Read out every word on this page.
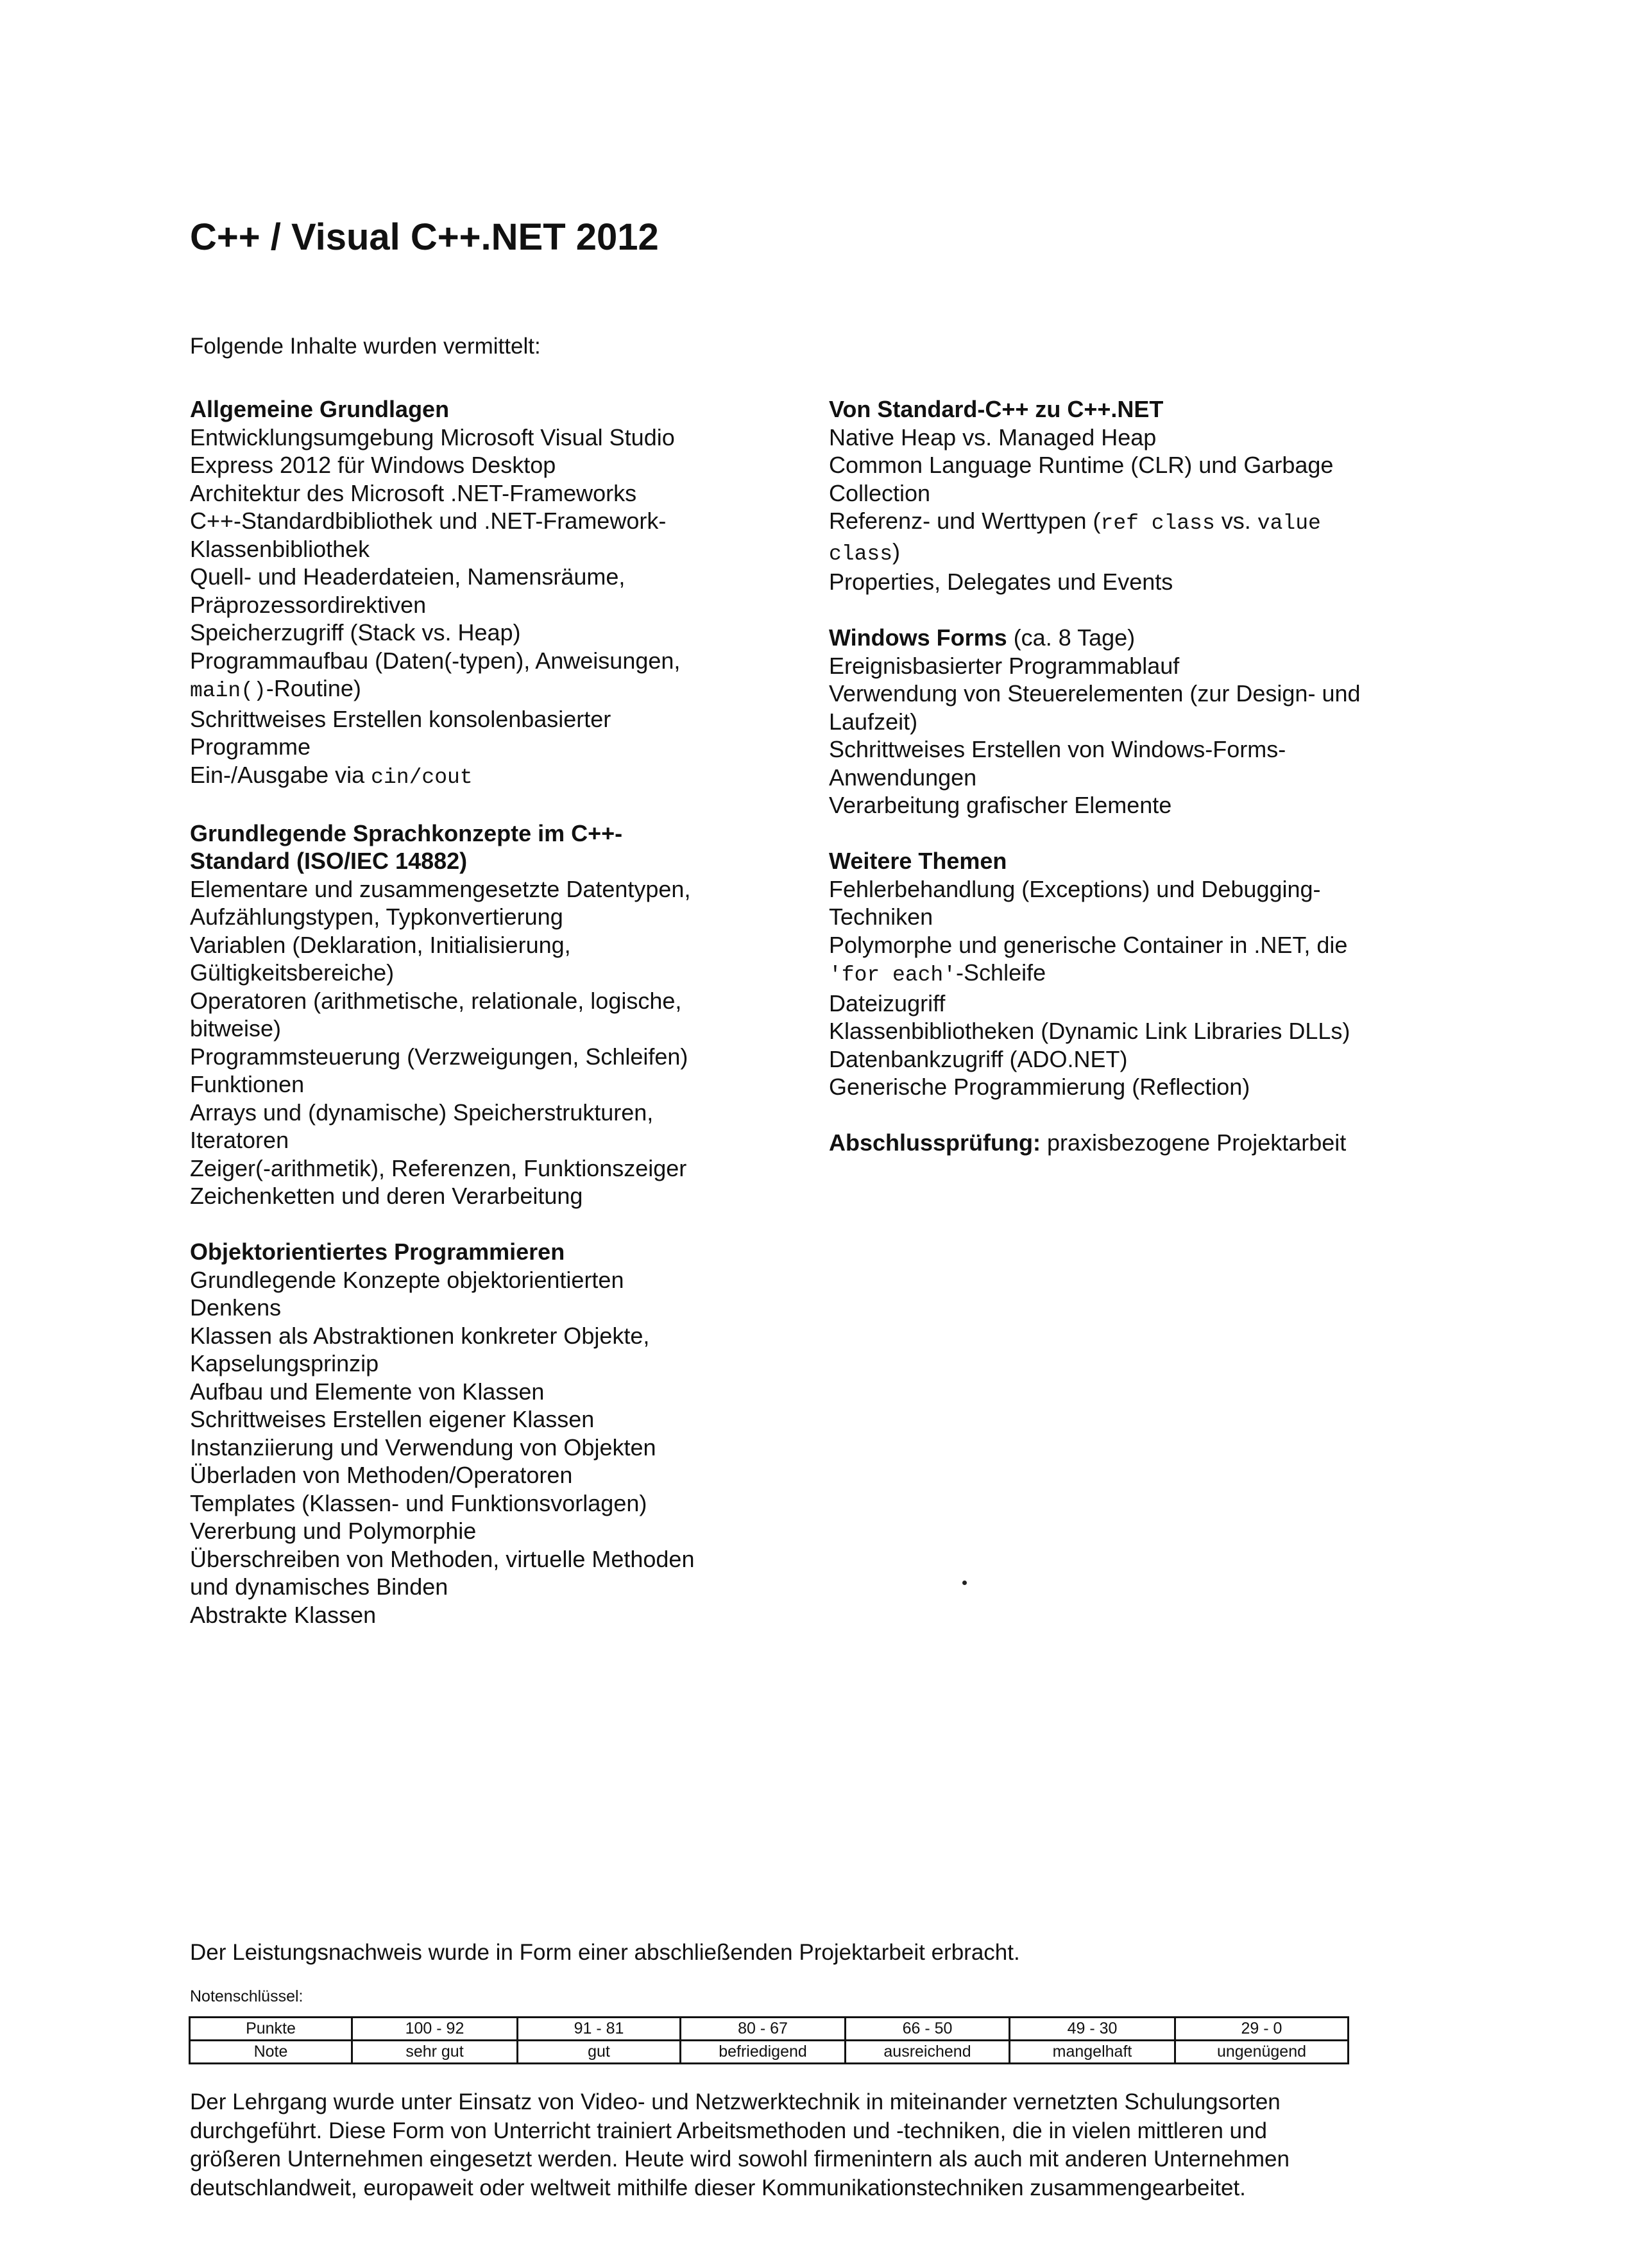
C++ / Visual C++.NET 2012
Folgende Inhalte wurden vermittelt:
Allgemeine Grundlagen
Entwicklungsumgebung Microsoft Visual Studio
Express 2012 für Windows Desktop
Architektur des Microsoft .NET-Frameworks
C++-Standardbibliothek und .NET-Framework-
Klassenbibliothek
Quell- und Headerdateien, Namensräume,
Präprozessordirektiven
Speicherzugriff (Stack vs. Heap)
Programmaufbau (Daten(-typen), Anweisungen,
main()-Routine)
Schrittweises Erstellen konsolenbasierter
Programme
Ein-/Ausgabe via cin/cout
Grundlegende Sprachkonzepte im C++-
Standard (ISO/IEC 14882)
Elementare und zusammengesetzte Datentypen,
Aufzählungstypen, Typkonvertierung
Variablen (Deklaration, Initialisierung,
Gültigkeitsbereiche)
Operatoren (arithmetische, relationale, logische,
bitweise)
Programmsteuerung (Verzweigungen, Schleifen)
Funktionen
Arrays und (dynamische) Speicherstrukturen,
Iteratoren
Zeiger(-arithmetik), Referenzen, Funktionszeiger
Zeichenketten und deren Verarbeitung
Objektorientiertes Programmieren
Grundlegende Konzepte objektorientierten
Denkens
Klassen als Abstraktionen konkreter Objekte,
Kapselungsprinzip
Aufbau und Elemente von Klassen
Schrittweises Erstellen eigener Klassen
Instanziierung und Verwendung von Objekten
Überladen von Methoden/Operatoren
Templates (Klassen- und Funktionsvorlagen)
Vererbung und Polymorphie
Überschreiben von Methoden, virtuelle Methoden
und dynamisches Binden
Abstrakte Klassen
Von Standard-C++ zu C++.NET
Native Heap vs. Managed Heap
Common Language Runtime (CLR) und Garbage
Collection
Referenz- und Werttypen (ref class vs. value
class)
Properties, Delegates und Events
Windows Forms (ca. 8 Tage)
Ereignisbasierter Programmablauf
Verwendung von Steuerelementen (zur Design- und
Laufzeit)
Schrittweises Erstellen von Windows-Forms-
Anwendungen
Verarbeitung grafischer Elemente
Weitere Themen
Fehlerbehandlung (Exceptions) und Debugging-
Techniken
Polymorphe und generische Container in .NET, die
'for each'-Schleife
Dateizugriff
Klassenbibliotheken (Dynamic Link Libraries DLLs)
Datenbankzugriff (ADO.NET)
Generische Programmierung (Reflection)
Abschlussprüfung: praxisbezogene Projektarbeit
Der Leistungsnachweis wurde in Form einer abschließenden Projektarbeit erbracht.
Notenschlüssel:
Punkte	100 - 92	91 - 81	80 - 67	66 - 50	49 - 30	29 - 0
Note	sehr gut	gut	befriedigend	ausreichend	mangelhaft	ungenügend
Der Lehrgang wurde unter Einsatz von Video- und Netzwerktechnik in miteinander vernetzten Schulungsorten
durchgeführt. Diese Form von Unterricht trainiert Arbeitsmethoden und -techniken, die in vielen mittleren und
größeren Unternehmen eingesetzt werden. Heute wird sowohl firmenintern als auch mit anderen Unternehmen
deutschlandweit, europaweit oder weltweit mithilfe dieser Kommunikationstechniken zusammengearbeitet.
